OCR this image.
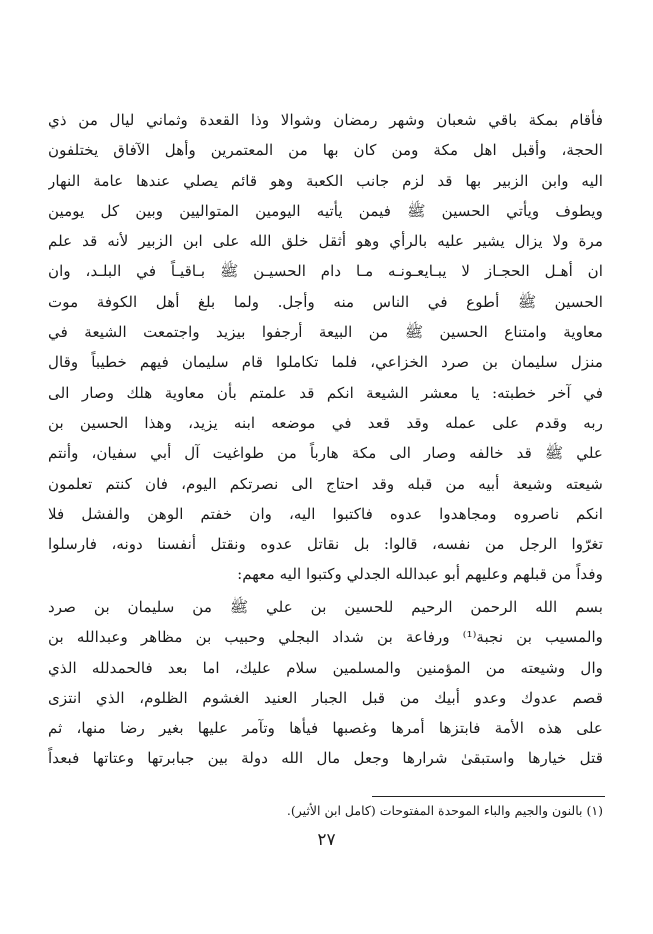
فأقام بمكة باقي شعبان وشهر رمضان وشوالا وذا القعدة وثماني ليال من ذي
الحجة، وأقبل اهل مكة ومن كان بها من المعتمرين وأهل الآفاق يختلفون
اليه وابن الزبير بها قد لزم جانب الكعبة وهو قائم يصلي عندها عامة النهار
ويطوف ويأتي الحسين ﷺ فيمن يأتيه اليومين المتواليين وبين كل يومين
مرة ولا يزال يشير عليه بالرأي وهو أثقل خلق الله على ابن الزبير لأنه قد علم
ان أهـل الحجـاز لا يبـايعـونـه مـا دام الحسيـن ﷺ بـاقيـاً في البلـد، وان
الحسين ﷺ أطوع في الناس منه وأجل. ولما بلغ أهل الكوفة موت
معاوية وامتناع الحسين ﷺ من البيعة أرجفوا بيزيد واجتمعت الشيعة في
منزل سليمان بن صرد الخزاعي، فلما تكاملوا قام سليمان فيهم خطيباً وقال
في آخر خطبته: يا معشر الشيعة انكم قد علمتم بأن معاوية هلك وصار الى
ربه وقدم على عمله وقد قعد في موضعه ابنه يزيد، وهذا الحسين بن
علي ﷺ قد خالفه وصار الى مكة هارباً من طواغيت آل أبي سفيان، وأنتم
شيعته وشيعة أبيه من قبله وقد احتاج الى نصرتكم اليوم، فان كنتم تعلمون
انكم ناصروه ومجاهدوا عدوه فاكتبوا اليه، وان خفتم الوهن والفشل فلا
تغرّوا الرجل من نفسه، قالوا: بل نقاتل عدوه ونقتل أنفسنا دونه، فارسلوا
وفداً من قبلهم وعليهم أبو عبدالله الجدلي وكتبوا اليه معهم:
بسم الله الرحمن الرحيم للحسين بن علي ﷺ من سليمان بن صرد
والمسيب بن نجبة⁽¹⁾ ورفاعة بن شداد البجلي وحبيب بن مظاهر وعبدالله بن
وال وشيعته من المؤمنين والمسلمين سلام عليك، اما بعد فالحمدلله الذي
قصم عدوك وعدو أبيك من قبل الجبار العنيد الغشوم الظلوم، الذي انتزى
على هذه الأمة فابتزها أمرها وغصبها فيأها وتآمر عليها بغير رضا منها، ثم
قتل خيارها واستبقىٰ شرارها وجعل مال الله دولة بين جبابرتها وعتاتها فبعداً
(١) بالنون والجيم والباء الموحدة المفتوحات (كامل ابن الأثير).
٢٧
